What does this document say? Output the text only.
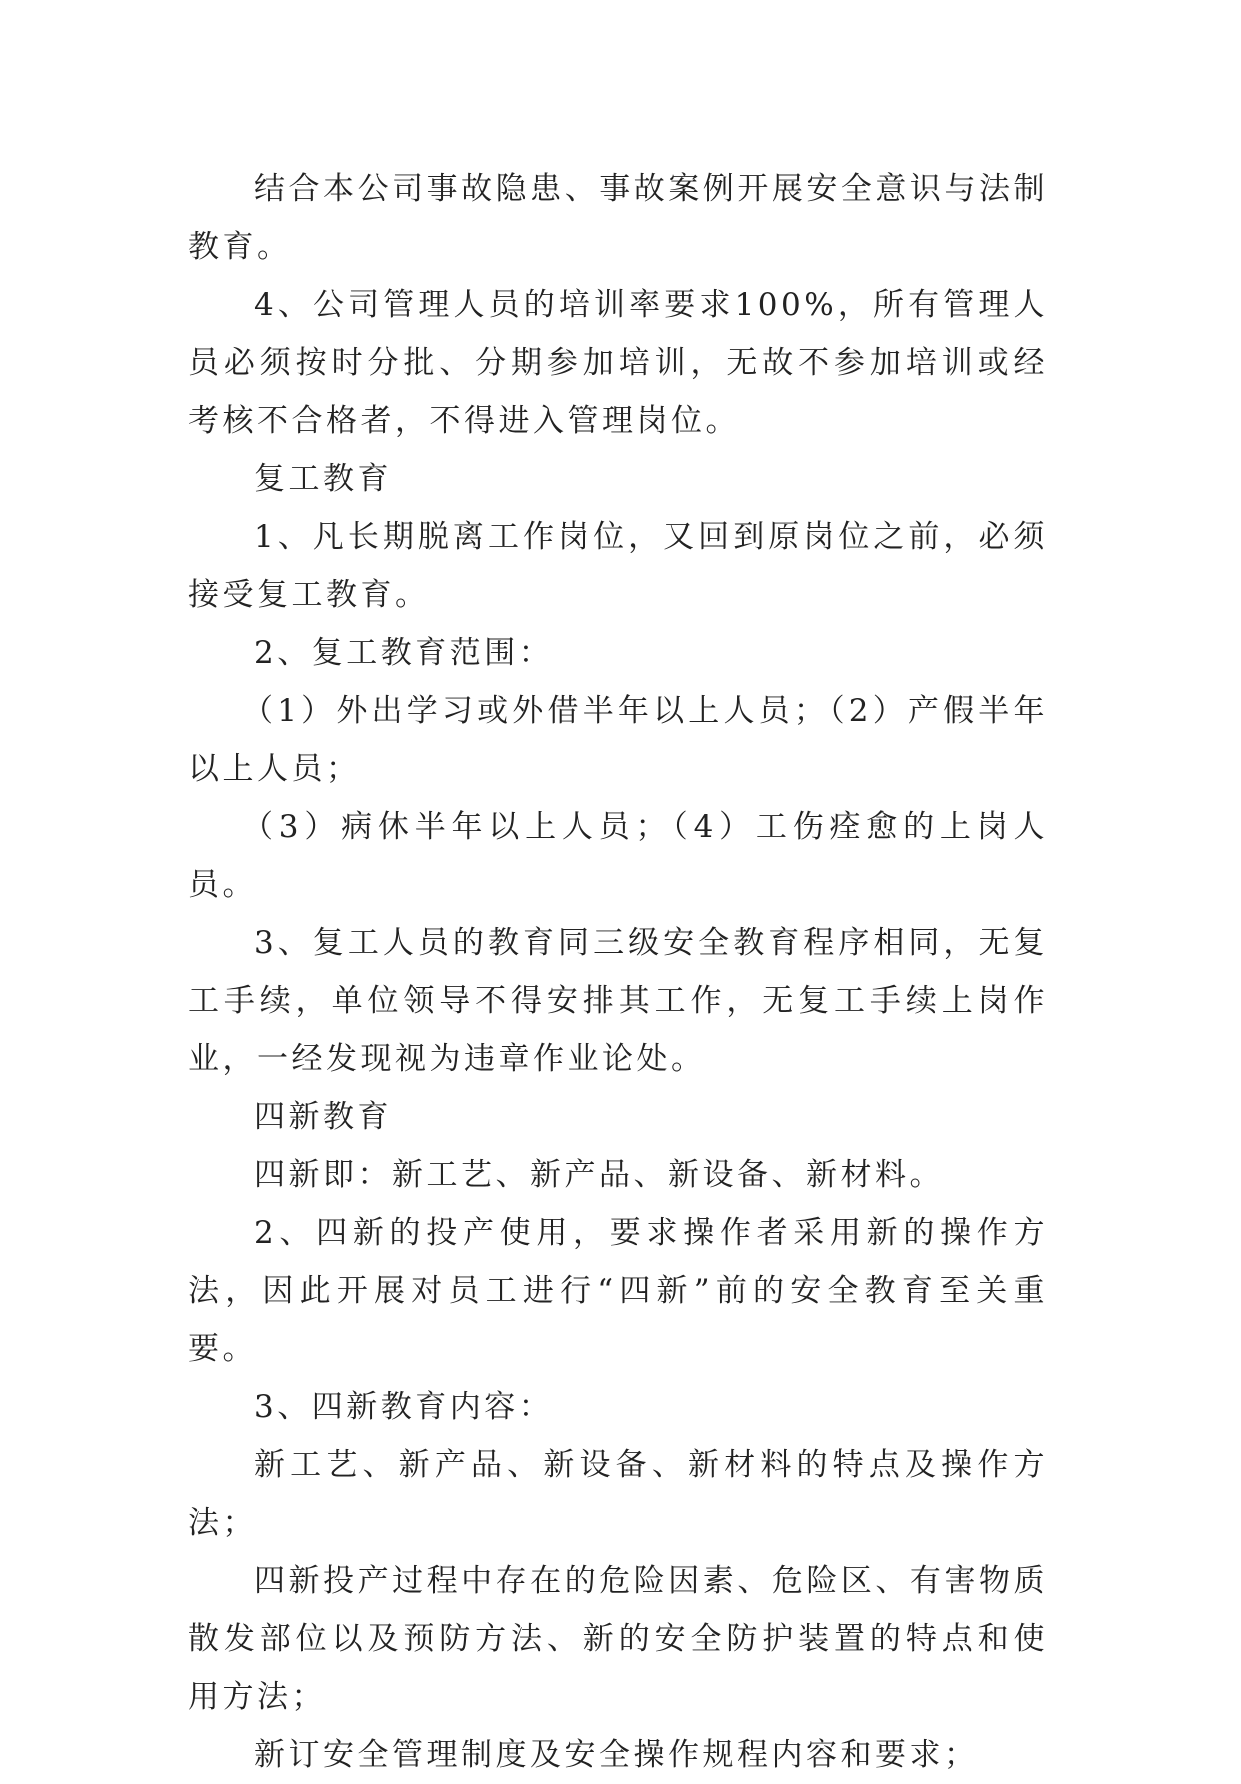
结合本公司事故隐患、事故案例开展安全意识与法制教育。

4、公司管理人员的培训率要求100%，所有管理人员必须按时分批、分期参加培训，无故不参加培训或经考核不合格者，不得进入管理岗位。

复工教育

1、凡长期脱离工作岗位，又回到原岗位之前，必须接受复工教育。

2、复工教育范围：

（1）外出学习或外借半年以上人员；（2）产假半年以上人员；

（3）病休半年以上人员；（4）工伤痊愈的上岗人员。

3、复工人员的教育同三级安全教育程序相同，无复工手续，单位领导不得安排其工作，无复工手续上岗作业，一经发现视为违章作业论处。

四新教育

四新即：新工艺、新产品、新设备、新材料。

2、四新的投产使用，要求操作者采用新的操作方法，因此开展对员工进行“四新”前的安全教育至关重要。

3、四新教育内容：

新工艺、新产品、新设备、新材料的特点及操作方法；

四新投产过程中存在的危险因素、危险区、有害物质散发部位以及预防方法、新的安全防护装置的特点和使用方法；

新订安全管理制度及安全操作规程内容和要求；
